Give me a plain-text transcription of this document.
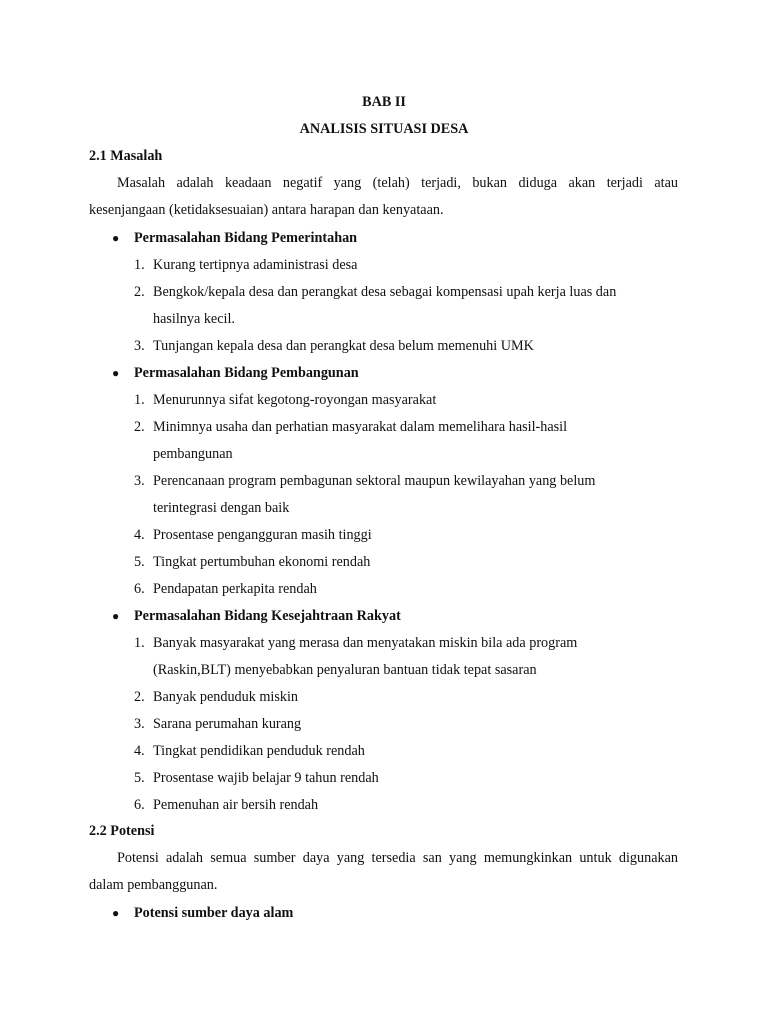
BAB II
ANALISIS SITUASI DESA
2.1 Masalah
Masalah adalah keadaan negatif yang (telah) terjadi, bukan diduga akan terjadi atau
kesenjangaan (ketidaksesuaian) antara harapan dan kenyataan.
● Permasalahan Bidang Pemerintahan
1. Kurang tertipnya adaministrasi desa
2. Bengkok/kepala desa dan perangkat desa sebagai kompensasi upah kerja luas dan
hasilnya kecil.
3. Tunjangan kepala desa dan perangkat desa belum memenuhi UMK
● Permasalahan Bidang Pembangunan
1. Menurunnya sifat kegotong-royongan masyarakat
2. Minimnya usaha dan perhatian masyarakat dalam memelihara hasil-hasil
pembangunan
3. Perencanaan program pembagunan sektoral maupun kewilayahan yang belum
terintegrasi dengan baik
4. Prosentase pengangguran masih tinggi
5. Tingkat pertumbuhan ekonomi rendah
6. Pendapatan perkapita rendah
● Permasalahan Bidang Kesejahtraan Rakyat
1. Banyak masyarakat yang merasa dan menyatakan miskin bila ada program
(Raskin,BLT) menyebabkan penyaluran bantuan tidak tepat sasaran
2. Banyak penduduk miskin
3. Sarana perumahan kurang
4. Tingkat pendidikan penduduk rendah
5. Prosentase wajib belajar 9 tahun rendah
6. Pemenuhan air bersih rendah
2.2 Potensi
Potensi adalah semua sumber daya yang tersedia san yang memungkinkan untuk digunakan
dalam pembanggunan.
● Potensi sumber daya alam
